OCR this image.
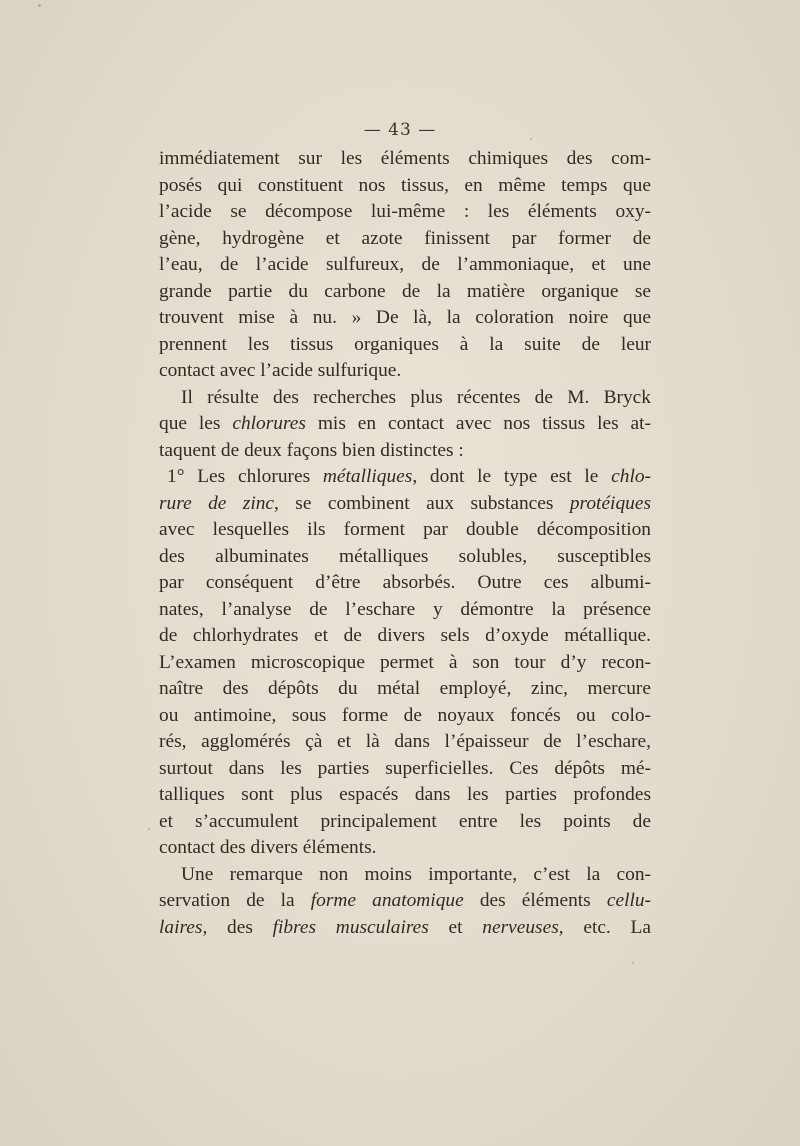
— 43 —
immédiatement sur les éléments chimiques des com-
posés qui constituent nos tissus, en même temps que
l’acide se décompose lui-même : les éléments oxy-
gène, hydrogène et azote finissent par former de
l’eau, de l’acide sulfureux, de l’ammoniaque, et une
grande partie du carbone de la matière organique se
trouvent mise à nu. » De là, la coloration noire que
prennent les tissus organiques à la suite de leur
contact avec l’acide sulfurique.
Il résulte des recherches plus récentes de M. Bryck
que les chlorures mis en contact avec nos tissus les at-
taquent de deux façons bien distinctes :
1° Les chlorures métalliques, dont le type est le chlo-
rure de zinc, se combinent aux substances protéiques
avec lesquelles ils forment par double décomposition
des albuminates métalliques solubles, susceptibles
par conséquent d’être absorbés. Outre ces albumi-
nates, l’analyse de l’eschare y démontre la présence
de chlorhydrates et de divers sels d’oxyde métallique.
L’examen microscopique permet à son tour d’y recon-
naître des dépôts du métal employé, zinc, mercure
ou antimoine, sous forme de noyaux foncés ou colo-
rés, agglomérés çà et là dans l’épaisseur de l’eschare,
surtout dans les parties superficielles. Ces dépôts mé-
talliques sont plus espacés dans les parties profondes
et s’accumulent principalement entre les points de
contact des divers éléments.
Une remarque non moins importante, c’est la con-
servation de la forme anatomique des éléments cellu-
laires, des fibres musculaires et nerveuses, etc. La
